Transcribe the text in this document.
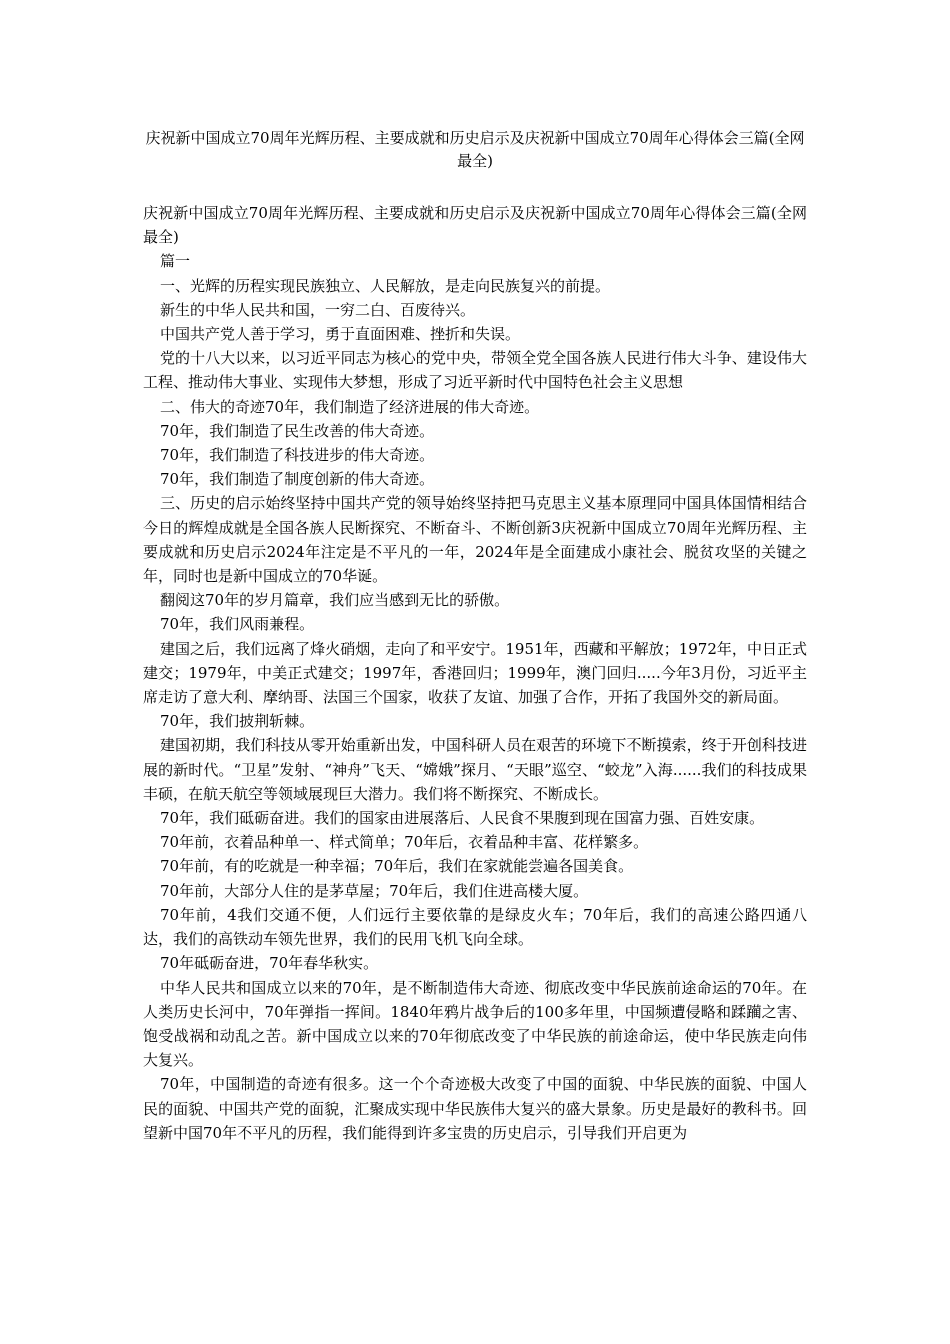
庆祝新中国成立70周年光辉历程、主要成就和历史启示及庆祝新中国成立70周年心得体会三篇(全网最全)

庆祝新中国成立70周年光辉历程、主要成就和历史启示及庆祝新中国成立70周年心得体会三篇(全网最全)

篇一

一、光辉的历程实现民族独立、人民解放，是走向民族复兴的前提。

新生的中华人民共和国，一穷二白、百废待兴。

中国共产党人善于学习，勇于直面困难、挫折和失误。

党的十八大以来，以习近平同志为核心的党中央，带领全党全国各族人民进行伟大斗争、建设伟大工程、推动伟大事业、实现伟大梦想，形成了习近平新时代中国特色社会主义思想

二、伟大的奇迹70年，我们制造了经济进展的伟大奇迹。

70年，我们制造了民生改善的伟大奇迹。

70年，我们制造了科技进步的伟大奇迹。

70年，我们制造了制度创新的伟大奇迹。

三、历史的启示始终坚持中国共产党的领导始终坚持把马克思主义基本原理同中国具体国情相结合今日的辉煌成就是全国各族人民断探究、不断奋斗、不断创新3庆祝新中国成立70周年光辉历程、主要成就和历史启示2024年注定是不平凡的一年，2024年是全面建成小康社会、脱贫攻坚的关键之年，同时也是新中国成立的70华诞。

翻阅这70年的岁月篇章，我们应当感到无比的骄傲。

70年，我们风雨兼程。

建国之后，我们远离了烽火硝烟，走向了和平安宁。1951年，西藏和平解放；1972年，中日正式建交；1979年，中美正式建交；1997年，香港回归；1999年，澳门回归.....今年3月份，习近平主席走访了意大利、摩纳哥、法国三个国家，收获了友谊、加强了合作，开拓了我国外交的新局面。

70年，我们披荆斩棘。

建国初期，我们科技从零开始重新出发，中国科研人员在艰苦的环境下不断摸索，终于开创科技进展的新时代。“卫星”发射、“神舟”飞天、“嫦娥”探月、“天眼”巡空、“蛟龙”入海......我们的科技成果丰硕，在航天航空等领域展现巨大潜力。我们将不断探究、不断成长。

70年，我们砥砺奋进。我们的国家由进展落后、人民食不果腹到现在国富力强、百姓安康。

70年前，衣着品种单一、样式简单；70年后，衣着品种丰富、花样繁多。

70年前，有的吃就是一种幸福；70年后，我们在家就能尝遍各国美食。

70年前，大部分人住的是茅草屋；70年后，我们住进高楼大厦。

70年前，4我们交通不便，人们远行主要依靠的是绿皮火车；70年后，我们的高速公路四通八达，我们的高铁动车领先世界，我们的民用飞机飞向全球。

70年砥砺奋进，70年春华秋实。

中华人民共和国成立以来的70年，是不断制造伟大奇迹、彻底改变中华民族前途命运的70年。在人类历史长河中，70年弹指一挥间。1840年鸦片战争后的100多年里，中国频遭侵略和蹂躏之害、饱受战祸和动乱之苦。新中国成立以来的70年彻底改变了中华民族的前途命运，使中华民族走向伟大复兴。

70年，中国制造的奇迹有很多。这一个个奇迹极大改变了中国的面貌、中华民族的面貌、中国人民的面貌、中国共产党的面貌，汇聚成实现中华民族伟大复兴的盛大景象。历史是最好的教科书。回望新中国70年不平凡的历程，我们能得到许多宝贵的历史启示，引导我们开启更为
